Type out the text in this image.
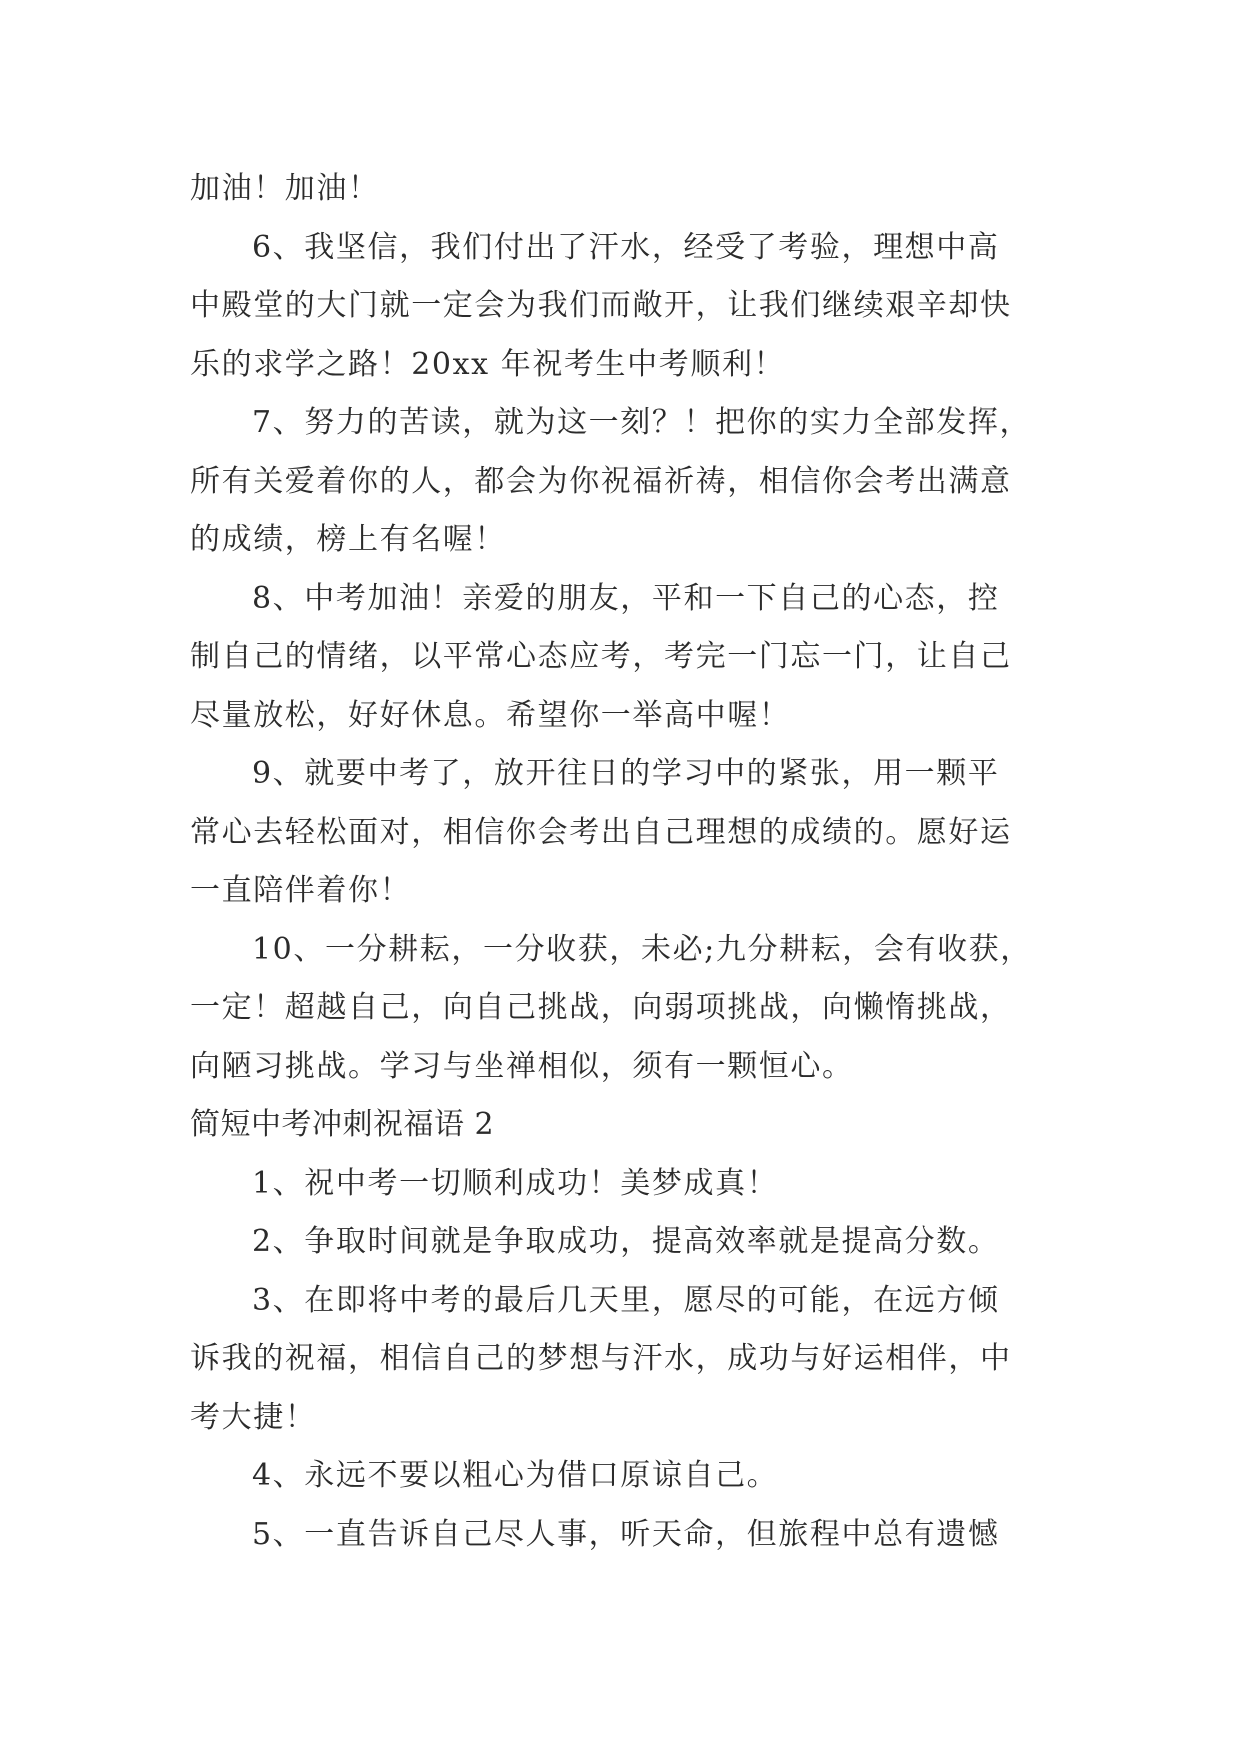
加油！加油！
6、我坚信，我们付出了汗水，经受了考验，理想中高
中殿堂的大门就一定会为我们而敞开，让我们继续艰辛却快
乐的求学之路！20xx 年祝考生中考顺利！
7、努力的苦读，就为这一刻？！把你的实力全部发挥，
所有关爱着你的人，都会为你祝福祈祷，相信你会考出满意
的成绩，榜上有名喔！
8、中考加油！亲爱的朋友，平和一下自己的心态，控
制自己的情绪，以平常心态应考，考完一门忘一门，让自己
尽量放松，好好休息。希望你一举高中喔！
9、就要中考了，放开往日的学习中的紧张，用一颗平
常心去轻松面对，相信你会考出自己理想的成绩的。愿好运
一直陪伴着你！
10、一分耕耘，一分收获，未必;九分耕耘，会有收获，
一定！超越自己，向自己挑战，向弱项挑战，向懒惰挑战，
向陋习挑战。学习与坐禅相似，须有一颗恒心。
简短中考冲刺祝福语 2
1、祝中考一切顺利成功！美梦成真！
2、争取时间就是争取成功，提高效率就是提高分数。
3、在即将中考的最后几天里，愿尽的可能，在远方倾
诉我的祝福，相信自己的梦想与汗水，成功与好运相伴，中
考大捷！
4、永远不要以粗心为借口原谅自己。
5、一直告诉自己尽人事，听天命，但旅程中总有遗憾
